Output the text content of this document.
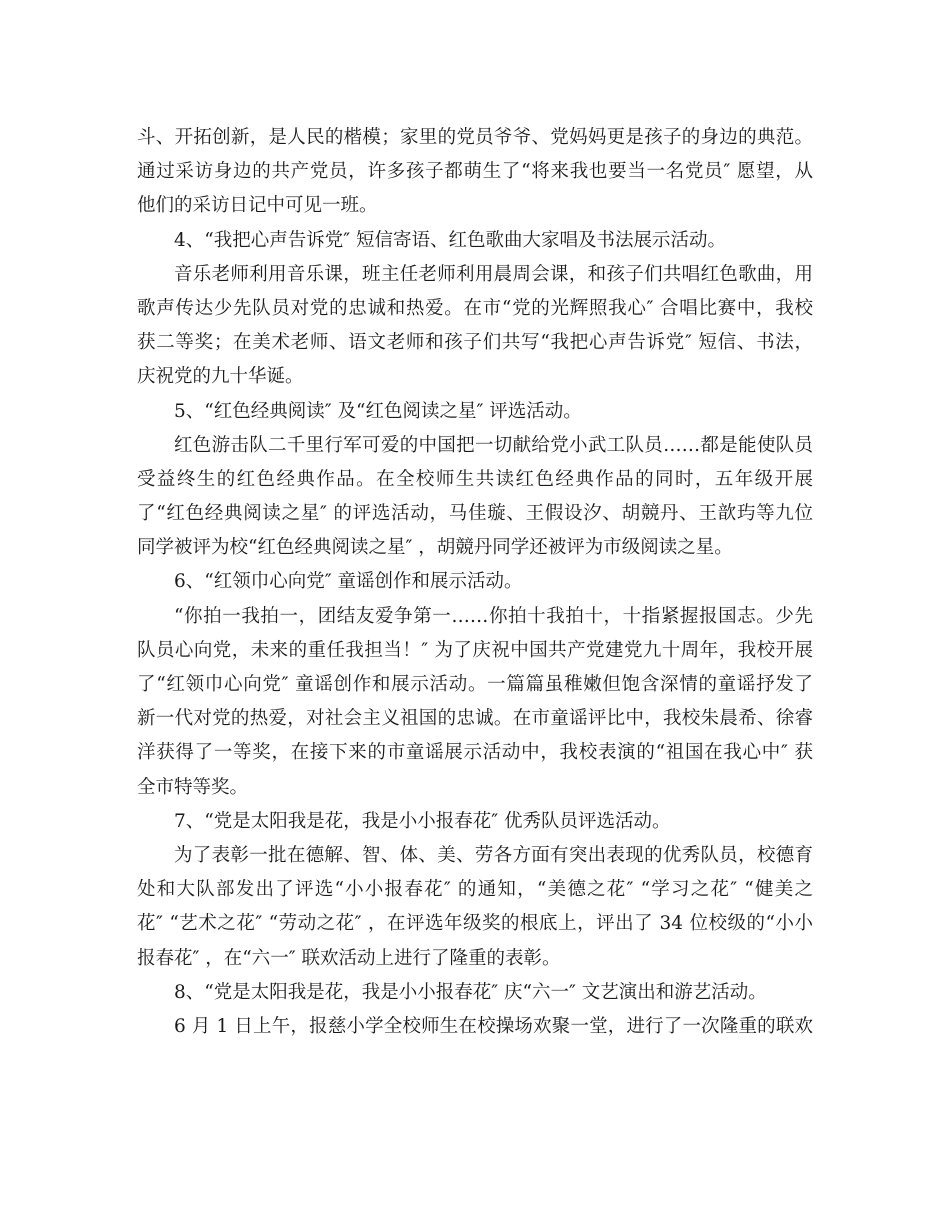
斗、开拓创新，是人民的楷模；家里的党员爷爷、党妈妈更是孩子的身边的典范。
通过采访身边的共产党员，许多孩子都萌生了“将来我也要当一名党员″ 愿望，从
他们的采访日记中可见一班。
4、“我把心声告诉党″ 短信寄语、红色歌曲大家唱及书法展示活动。
音乐老师利用音乐课，班主任老师利用晨周会课，和孩子们共唱红色歌曲，用
歌声传达少先队员对党的忠诚和热爱。在市“党的光辉照我心″ 合唱比赛中，我校
获二等奖；在美术老师、语文老师和孩子们共写“我把心声告诉党″ 短信、书法，
庆祝党的九十华诞。
5、“红色经典阅读″ 及“红色阅读之星″ 评选活动。
红色游击队二千里行军可爱的中国把一切献给党小武工队员……都是能使队员
受益终生的红色经典作品。在全校师生共读红色经典作品的同时，五年级开展
了“红色经典阅读之星″ 的评选活动，马佳璇、王假设汐、胡競丹、王歆玙等九位
同学被评为校“红色经典阅读之星″ ，胡競丹同学还被评为市级阅读之星。
6、“红领巾心向党″ 童谣创作和展示活动。
“你拍一我拍一，团结友爱争第一……你拍十我拍十，十指紧握报国志。少先
队员心向党，未来的重任我担当！″ 为了庆祝中国共产党建党九十周年，我校开展
了“红领巾心向党″ 童谣创作和展示活动。一篇篇虽稚嫩但饱含深情的童谣抒发了
新一代对党的热爱，对社会主义祖国的忠诚。在市童谣评比中，我校朱晨希、徐睿
洋获得了一等奖，在接下来的市童谣展示活动中，我校表演的“祖国在我心中″ 获
全市特等奖。
7、“党是太阳我是花，我是小小报春花″ 优秀队员评选活动。
为了表彰一批在德解、智、体、美、劳各方面有突出表现的优秀队员，校德育
处和大队部发出了评选“小小报春花″ 的通知，“美德之花″ “学习之花″ “健美之
花″ “艺术之花″ “劳动之花″ ，在评选年级奖的根底上，评出了 34 位校级的“小小
报春花″ ，在“六一″ 联欢活动上进行了隆重的表彰。
8、“党是太阳我是花，我是小小报春花″ 庆“六一″ 文艺演出和游艺活动。
6 月 1 日上午，报慈小学全校师生在校操场欢聚一堂，进行了一次隆重的联欢
